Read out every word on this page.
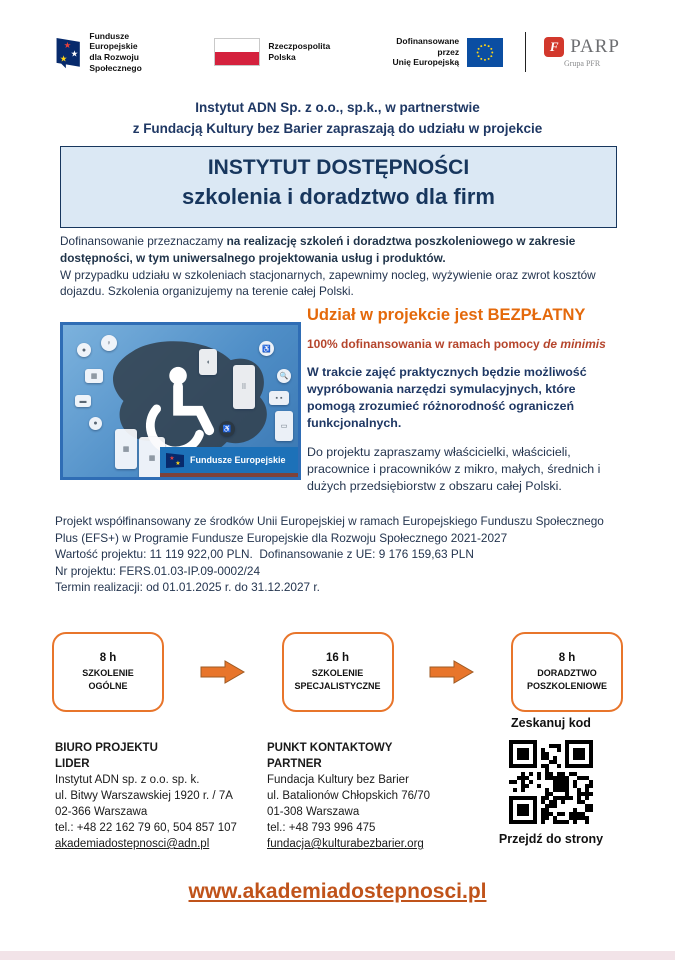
★
★
★
Fundusze Europejskie
dla Rozwoju Społecznego
Rzeczpospolita
Polska
Dofinansowane przez
Unię Europejską
F PARP
Grupa PFR
Instytut ADN Sp. z o.o., sp.k., w partnerstwie
z Fundacją Kultury bez Barier zapraszają do udziału w projekcie
INSTYTUT DOSTĘPNOŚCI
szkolenia i doradztwo dla firm
Dofinansowanie przeznaczamy na realizację szkoleń i doradztwa poszkoleniowego w zakresie dostępności, w tym uniwersalnego projektowania usług i produktów.
W przypadku udziału w szkoleniach stacjonarnych, zapewnimy nocleg, wyżywienie oraz zwrot kosztów dojazdu. Szkolenia organizujemy na terenie całej Polski.
●
♀
▦
▬
●
▦
▦
◖
⠿
♿
🔍
▪ ▪
▭
♿
★
★ Fundusze Europejskie
Udział w projekcie jest BEZPŁATNY
100% dofinansowania w ramach pomocy de minimis
W trakcie zajęć praktycznych będzie możliwość wypróbowania narzędzi symulacyjnych, które pomogą zrozumieć różnorodność ograniczeń funkcjonalnych.
Do projektu zapraszamy właścicielki, właścicieli, pracownice i pracowników z mikro, małych, średnich i dużych przedsiębiorstw z obszaru całej Polski.
Projekt współfinansowany ze środków Unii Europejskiej w ramach Europejskiego Funduszu Społecznego Plus (EFS+) w Programie Fundusze Europejskie dla Rozwoju Społecznego 2021-2027
Wartość projektu: 11 119 922,00 PLN. Dofinansowanie z UE: 9 176 159,63 PLN
Nr projektu: FERS.01.03-IP.09-0002/24
Termin realizacji: od 01.01.2025 r. do 31.12.2027 r.
8 h
SZKOLENIE
OGÓLNE
16 h
SZKOLENIE
SPECJALISTYCZNE
8 h
DORADZTWO
POSZKOLENIOWE
BIURO PROJEKTU
LIDER
Instytut ADN sp. z o.o. sp. k.
ul. Bitwy Warszawskiej 1920 r. / 7A
02-366 Warszawa
tel.: +48 22 162 79 60, 504 857 107
akademiadostepnosci@adn.pl
PUNKT KONTAKTOWY
PARTNER
Fundacja Kultury bez Barier
ul. Batalionów Chłopskich 76/70
01-308 Warszawa
tel.: +48 793 996 475
fundacja@kulturabezbarier.org
Zeskanuj kod
Przejdź do strony
www.akademiadostepnosci.pl
